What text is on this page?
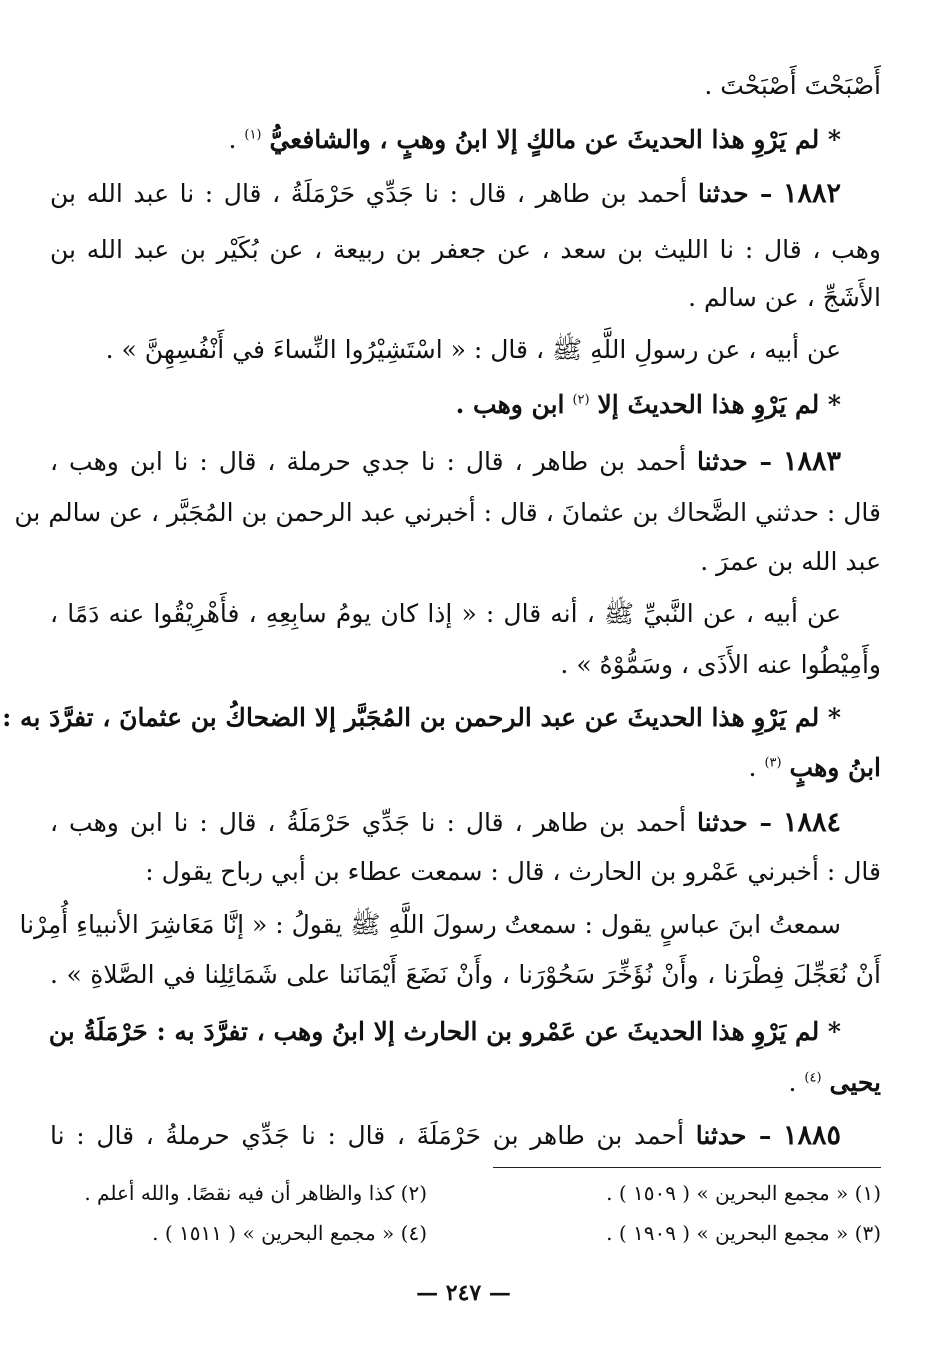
أَصْبَحْتَ أَصْبَحْتَ .
* لم يَرْوِ هذا الحديثَ عن مالكٍ إلا ابنُ وهبٍ ، والشافعيُّ $^{(١)}$ .
١٨٨٢ – حدثنا أحمد بن طاهر ، قال : نا جَدِّي حَرْمَلَةُ ، قال : نا عبد الله بن
وهب ، قال : نا الليث بن سعد ، عن جعفر بن ربيعة ، عن بُكَيْر بن عبد الله بن
الأَشَجِّ ، عن سالم .
عن أبيه ، عن رسولِ اللَّهِ ﷺ ، قال : « اسْتَشِيْرُوا النِّساءَ في أَنْفُسِهِنَّ » .
* لم يَرْوِ هذا الحديثَ إلا $^{(٢)}$ ابن وهب .
١٨٨٣ – حدثنا أحمد بن طاهر ، قال : نا جدي حرملة ، قال : نا ابن وهب ،
قال : حدثني الضَّحاك بن عثمانَ ، قال : أخبرني عبد الرحمن بن المُجَبَّر ، عن سالم بن
عبد الله بن عمرَ .
عن أبيه ، عن النَّبيِّ ﷺ ، أنه قال : « إذا كان يومُ سابِعِهِ ، فأَهْرِيْقُوا عنه دَمًا ،
وأَمِيْطُوا عنه الأَذَى ، وسَمُّوْهُ » .
* لم يَرْوِ هذا الحديثَ عن عبد الرحمن بن المُجَبَّر إلا الضحاكُ بن عثمانَ ، تفرَّدَ به :
ابنُ وهبٍ $^{(٣)}$ .
١٨٨٤ – حدثنا أحمد بن طاهر ، قال : نا جَدِّي حَرْمَلَةُ ، قال : نا ابن وهب ،
قال : أخبرني عَمْرو بن الحارث ، قال : سمعت عطاء بن أبي رباح يقول :
سمعتُ ابنَ عباسٍ يقول : سمعتُ رسولَ اللَّهِ ﷺ يقولُ : « إنَّا مَعَاشِرَ الأنبياءِ أُمِرْنا
أَنْ نُعَجِّلَ فِطْرَنا ، وأَنْ نُؤَخِّرَ سَحُوْرَنا ، وأَنْ نَضَعَ أَيْمَانَنا على شَمَائِلِنا في الصَّلاةِ » .
* لم يَرْوِ هذا الحديثَ عن عَمْرو بن الحارث إلا ابنُ وهب ، تفرَّدَ به : حَرْمَلَةُ بن
يحيى $^{(٤)}$ .
١٨٨٥ – حدثنا أحمد بن طاهر بن حَرْمَلَةَ ، قال : نا جَدِّي حرملةُ ، قال : نا
(١) « مجمع البحرين » ( ١٥٠٩ ) .
(٢) كذا والظاهر أن فيه نقصًا. والله أعلم .
(٣) « مجمع البحرين » ( ١٩٠٩ ) .
(٤) « مجمع البحرين » ( ١٥١١ ) .
— ٢٤٧ —
